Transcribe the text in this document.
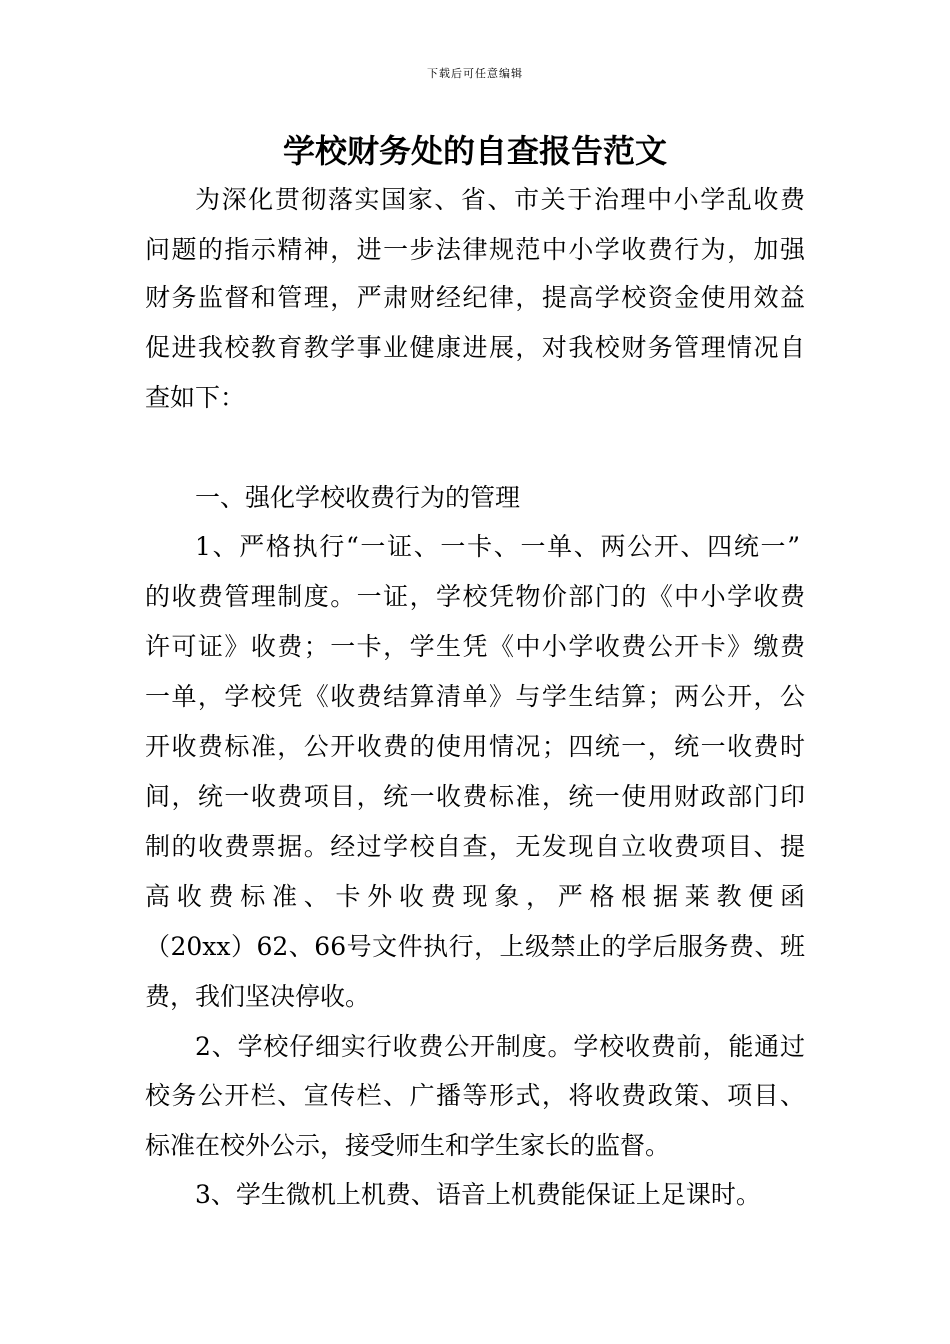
下载后可任意编辑
学校财务处的自查报告范文
为深化贯彻落实国家、省、市关于治理中小学乱收费
问题的指示精神，进一步法律规范中小学收费行为，加强
财务监督和管理，严肃财经纪律，提高学校资金使用效益
促进我校教育教学事业健康进展，对我校财务管理情况自
查如下：
一、强化学校收费行为的管理
1、严格执行“一证、一卡、一单、两公开、四统一”
的收费管理制度。一证，学校凭物价部门的《中小学收费
许可证》收费；一卡，学生凭《中小学收费公开卡》缴费
一单，学校凭《收费结算清单》与学生结算；两公开，公
开收费标准，公开收费的使用情况；四统一，统一收费时
间，统一收费项目，统一收费标准，统一使用财政部门印
制的收费票据。经过学校自查，无发现自立收费项目、提
高收费标准、卡外收费现象，严格根据莱教便函
（20xx）62、66号文件执行，上级禁止的学后服务费、班
费，我们坚决停收。
2、学校仔细实行收费公开制度。学校收费前，能通过
校务公开栏、宣传栏、广播等形式，将收费政策、项目、
标准在校外公示，接受师生和学生家长的监督。
3、学生微机上机费、语音上机费能保证上足课时。
